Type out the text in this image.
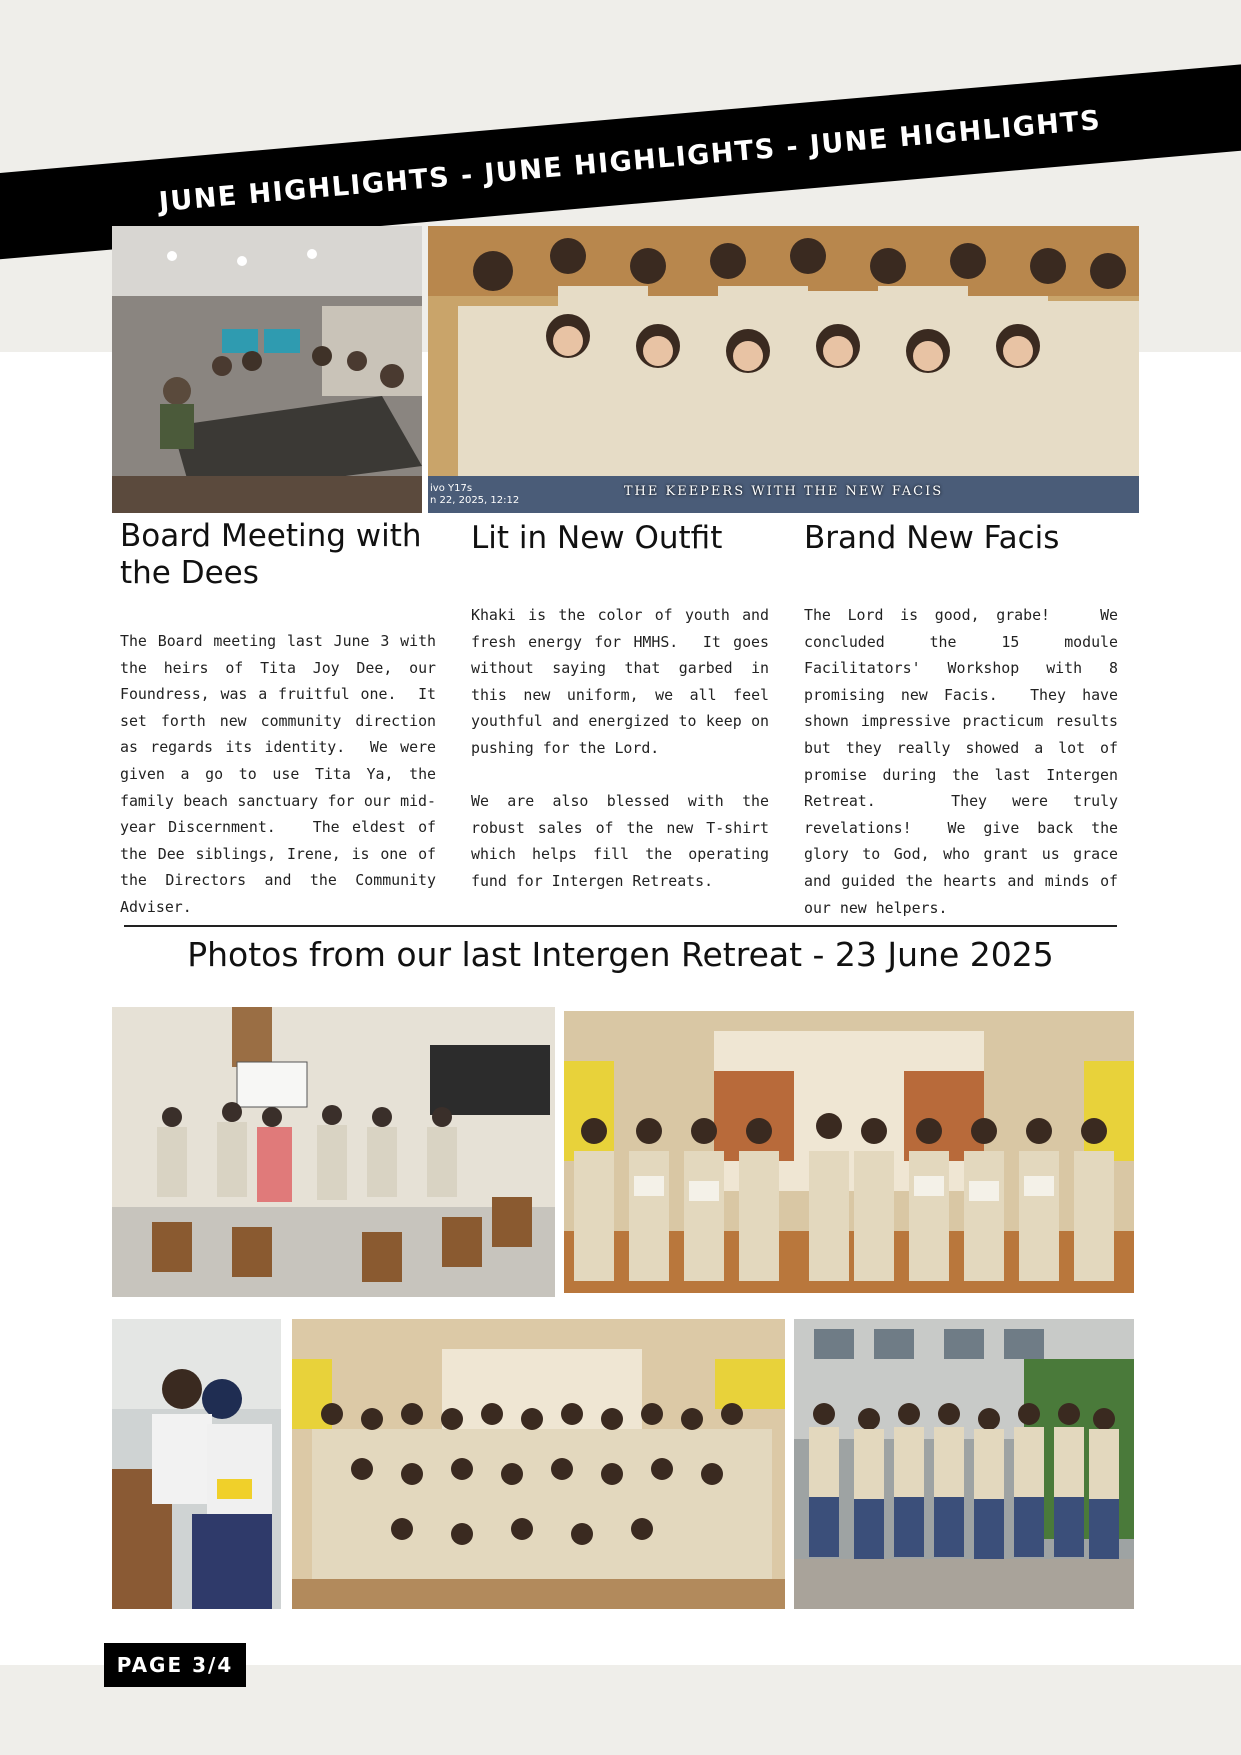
JUNE HIGHLIGHTS - JUNE HIGHLIGHTS - JUNE HIGHLIGHTS
ivo Y17s
n 22, 2025, 12:12
THE KEEPERS WITH THE NEW FACIS
Board Meeting with the Dees

The Board meeting last June 3 with the heirs of Tita Joy Dee, our Foundress, was a fruitful one.  It set forth new community direction as regards its identity.  We were given a go to use Tita Ya, the family beach sanctuary for our mid-year Discernment.   The eldest of the Dee siblings, Irene, is one of the Directors and the Community Adviser.

Lit in New Outfit

Khaki is the color of youth and fresh energy for HMHS.  It goes without saying that garbed in this new uniform, we all feel youthful and energized to keep on pushing for the Lord.

We are also blessed with the robust sales of the new T-shirt which helps fill the operating fund for Intergen Retreats.

Brand New Facis

The Lord is good, grabe!   We concluded the 15 module Facilitators' Workshop with 8 promising new Facis.  They have shown impressive practicum results but they really showed a lot of promise during the last Intergen Retreat.   They were truly revelations!  We give back the glory to God, who grant us grace and guided the hearts and minds of our new helpers.

Photos from our last Intergen Retreat - 23 June 2025
PAGE 3/4
